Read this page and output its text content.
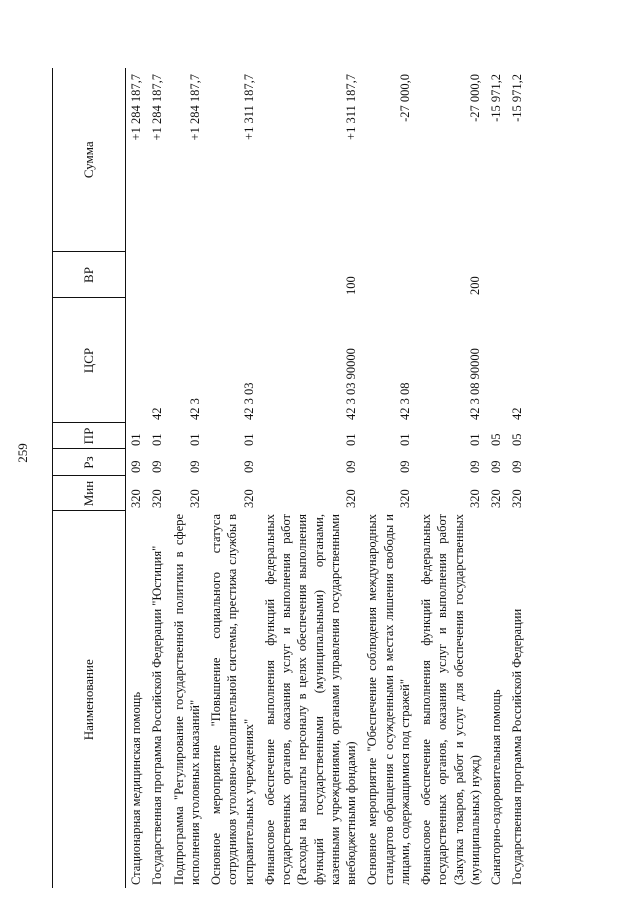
259
Наименование	Мин	Рз	ПР	ЦСР	ВР	Сумма
Стационарная медицинская помощь	320	09	01			+1 284 187,7
Государственная программа Российской Федерации "Юстиция"	320	09	01	42		+1 284 187,7
Подпрограмма "Регулирование государственной политики в сфере исполнения уголовных наказаний"	320	09	01	42 3		+1 284 187,7
Основное мероприятие "Повышение социального статуса сотрудников уголовно-исполнительной системы, престижа службы в исправительных учреждениях"	320	09	01	42 3 03		+1 311 187,7
Финансовое обеспечение выполнения функций федеральных государственных органов, оказания услуг и выполнения работ (Расходы на выплаты персоналу в целях обеспечения выполнения функций государственными (муниципальными) органами, казенными учреждениями, органами управления государственными внебюджетными фондами)	320	09	01	42 3 03 90000	100	+1 311 187,7
Основное мероприятие "Обеспечение соблюдения международных стандартов обращения с осужденными в местах лишения свободы и лицами, содержащимися под стражей"	320	09	01	42 3 08		-27 000,0
Финансовое обеспечение выполнения функций федеральных государственных органов, оказания услуг и выполнения работ (Закупка товаров, работ и услуг для обеспечения государственных (муниципальных) нужд)	320	09	01	42 3 08 90000	200	-27 000,0
Санаторно-оздоровительная помощь	320	09	05			-15 971,2
Государственная программа Российской Федерации	320	09	05	42		-15 971,2
